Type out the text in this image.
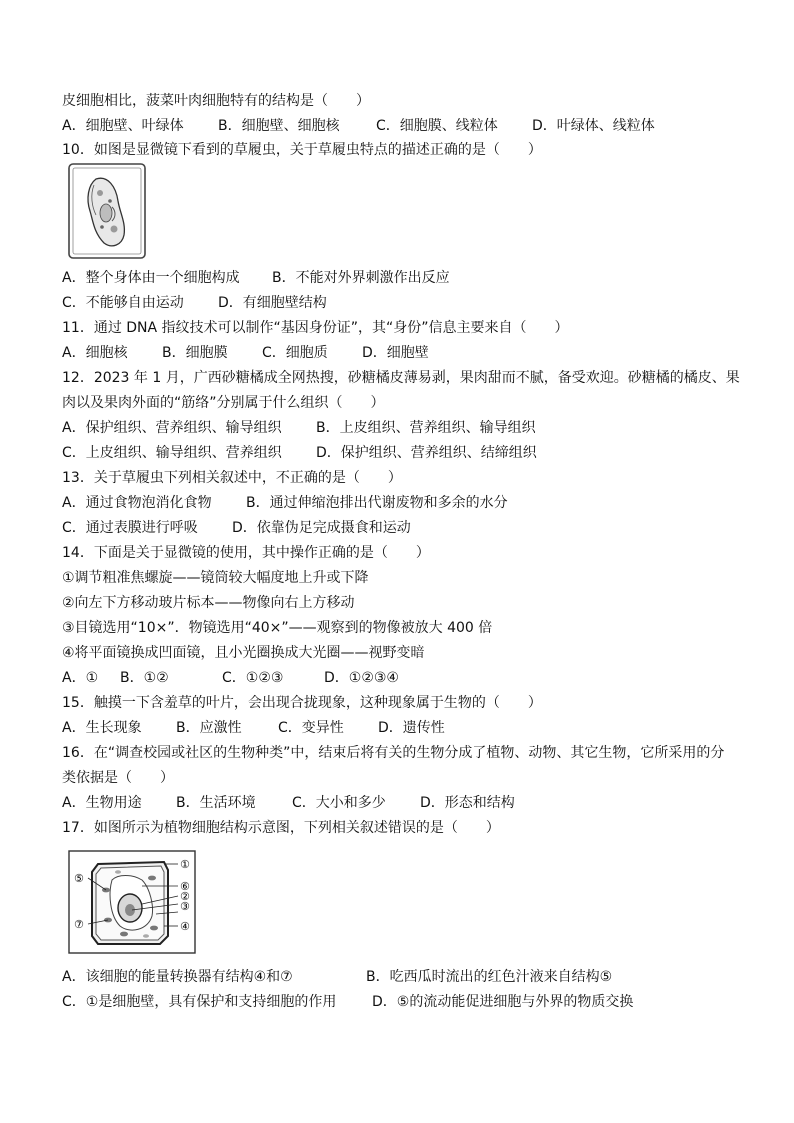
皮细胞相比，菠菜叶肉细胞特有的结构是（　　）
A．细胞壁、叶绿体 B．细胞壁、细胞核	C．细胞膜、线粒体 D．叶绿体、线粒体
10．如图是显微镜下看到的草履虫，关于草履虫特点的描述正确的是（　　）
A．整个身体由一个细胞构成 B．不能对外界刺激作出反应
C．不能够自由运动 D．有细胞壁结构
11．通过 DNA 指纹技术可以制作“基因身份证”，其“身份”信息主要来自（　　）
A．细胞核 B．细胞膜 C．细胞质 D．细胞壁
12．2023 年 1 月，广西砂糖橘成全网热搜，砂糖橘皮薄易剥，果肉甜而不腻，备受欢迎。砂糖橘的橘皮、果
肉以及果肉外面的“筋络”分别属于什么组织（　　）
A．保护组织、营养组织、输导组织 B．上皮组织、营养组织、输导组织
C．上皮组织、输导组织、营养组织 D．保护组织、营养组织、结缔组织
13．关于草履虫下列相关叙述中，不正确的是（　　）
A．通过食物泡消化食物 B．通过伸缩泡排出代谢废物和多余的水分
C．通过表膜进行呼吸 D．依靠伪足完成摄食和运动
14．下面是关于显微镜的使用，其中操作正确的是（　　）
①调节粗准焦螺旋——镜筒较大幅度地上升或下降
②向左下方移动玻片标本——物像向右上方移动
③目镜选用“10×”．物镜选用“40×”——观察到的物像被放大 400 倍
④将平面镜换成凹面镜，且小光圈换成大光圈——视野变暗
A．① B．①②	C．①②③	D．①②③④
15．触摸一下含羞草的叶片，会出现合拢现象，这种现象属于生物的（　　）
A．生长现象 B．应激性	C．变异性 D．遗传性
16．在“调查校园或社区的生物种类”中，结束后将有关的生物分成了植物、动物、其它生物，它所采用的分
类依据是（　　）
A．生物用途 B．生活环境	C．大小和多少 D．形态和结构
17．如图所示为植物细胞结构示意图，下列相关叙述错误的是（　　）
①
⑥
②
③
④
⑤
⑦
A．该细胞的能量转换器有结构④和⑦	B．吃西瓜时流出的红色汁液来自结构⑤
C．①是细胞壁，具有保护和支持细胞的作用	D．⑤的流动能促进细胞与外界的物质交换
